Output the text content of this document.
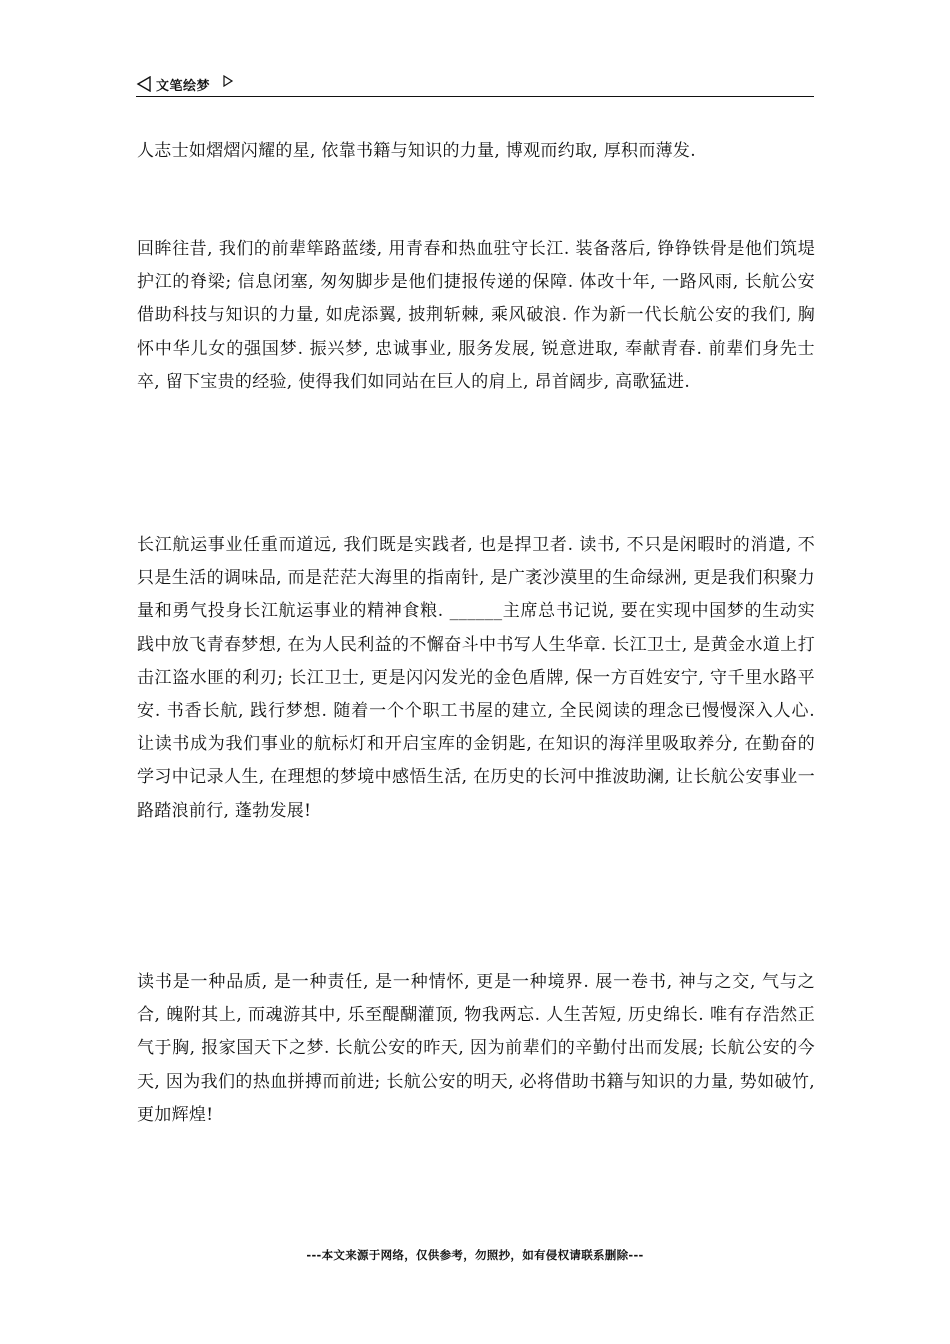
文笔绘梦

人志士如熠熠闪耀的星, 依靠书籍与知识的力量, 博观而约取, 厚积而薄发.

回眸往昔, 我们的前辈筚路蓝缕, 用青春和热血驻守长江. 装备落后, 铮铮铁骨是他们筑堤护江的脊梁; 信息闭塞, 匆匆脚步是他们捷报传递的保障. 体改十年, 一路风雨, 长航公安借助科技与知识的力量, 如虎添翼, 披荆斩棘, 乘风破浪. 作为新一代长航公安的我们, 胸怀中华儿女的强国梦. 振兴梦, 忠诚事业, 服务发展, 锐意进取, 奉献青春. 前辈们身先士卒, 留下宝贵的经验, 使得我们如同站在巨人的肩上, 昂首阔步, 高歌猛进.

长江航运事业任重而道远, 我们既是实践者, 也是捍卫者. 读书, 不只是闲暇时的消遣, 不只是生活的调味品, 而是茫茫大海里的指南针, 是广袤沙漠里的生命绿洲, 更是我们积聚力量和勇气投身长江航运事业的精神食粮. ______主席总书记说, 要在实现中国梦的生动实践中放飞青春梦想, 在为人民利益的不懈奋斗中书写人生华章. 长江卫士, 是黄金水道上打击江盗水匪的利刃; 长江卫士, 更是闪闪发光的金色盾牌, 保一方百姓安宁, 守千里水路平安. 书香长航, 践行梦想. 随着一个个职工书屋的建立, 全民阅读的理念已慢慢深入人心. 让读书成为我们事业的航标灯和开启宝库的金钥匙, 在知识的海洋里吸取养分, 在勤奋的学习中记录人生, 在理想的梦境中感悟生活, 在历史的长河中推波助澜, 让长航公安事业一路踏浪前行, 蓬勃发展!

读书是一种品质, 是一种责任, 是一种情怀, 更是一种境界. 展一卷书, 神与之交, 气与之合, 魄附其上, 而魂游其中, 乐至醍醐灌顶, 物我两忘. 人生苦短, 历史绵长. 唯有存浩然正气于胸, 报家国天下之梦. 长航公安的昨天, 因为前辈们的辛勤付出而发展; 长航公安的今天, 因为我们的热血拼搏而前进; 长航公安的明天, 必将借助书籍与知识的力量, 势如破竹, 更加辉煌!

---本文来源于网络，仅供参考，勿照抄，如有侵权请联系删除---
